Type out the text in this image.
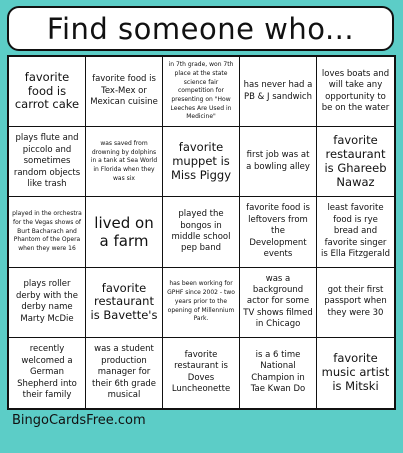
Find someone who...
favorite food is carrot cake
favorite food is Tex-Mex or Mexican cuisine
in 7th grade, won 7th place at the state science fair competition for presenting on "How Leeches Are Used in Medicine"
has never had a PB & J sandwich
loves boats and will take any opportunity to be on the water
plays flute and piccolo and sometimes random objects like trash
was saved from drowning by dolphins in a tank at Sea World in Florida when they was six
favorite muppet is Miss Piggy
first job was at a bowling alley
favorite restaurant is Ghareeb Nawaz
played in the orchestra for the Vegas shows of Burt Bacharach and Phantom of the Opera when they were 16
lived on a farm
played the bongos in middle school pep band
favorite food is leftovers from the Development events
least favorite food is rye bread and favorite singer is Ella Fitzgerald
plays roller derby with the derby name Marty McDie
favorite restaurant is Bavette's
has been working for GPHF since 2002 - two years prior to the opening of Millennium Park.
was a background actor for some TV shows filmed in Chicago
got their first passport when they were 30
recently welcomed a German Shepherd into their family
was a student production manager for their 6th grade musical
favorite restaurant is Doves Luncheonette
is a 6 time National Champion in Tae Kwan Do
favorite music artist is Mitski
BingoCardsFree.com
